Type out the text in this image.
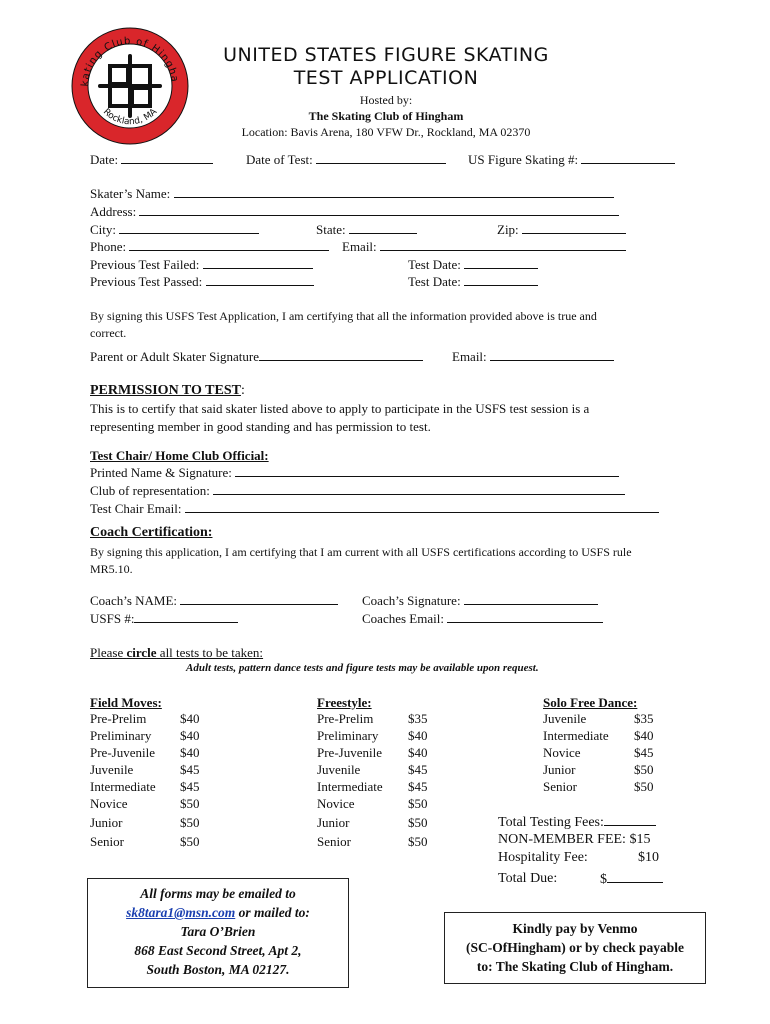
kating Club of Hingha
Rockland, MA
UNITED STATES FIGURE SKATING
TEST APPLICATION
Hosted by:
The Skating Club of Hingham
Location: Bavis Arena, 180 VFW Dr., Rockland, MA 02370
Date:	Date of Test:	US Figure Skating #:
Skater’s Name:
Address:
City:	State:	Zip:
Phone:	Email:
Previous Test Failed:	Test Date:
Previous Test Passed:	Test Date:
By signing this USFS Test Application, I am certifying that all the information provided above is true and
correct.
Parent or Adult Skater Signature	Email:
PERMISSION TO TEST:
This is to certify that said skater listed above to apply to participate in the USFS test session is a
representing member in good standing and has permission to test.
Test Chair/ Home Club Official:
Printed Name & Signature:
Club of representation:
Test Chair Email:
Coach Certification:
By signing this application, I am certifying that I am current with all USFS certifications according to USFS rule
MR5.10.
Coach’s NAME:	Coach’s Signature:
USFS #:	Coaches Email:
Please circle all tests to be taken:
Adult tests, pattern dance tests and figure tests may be available upon request.
Field Moves:
Pre-Prelim	$40
Preliminary $40
Pre-Juvenile $40
Juvenile	$45
Intermediate $45
Novice	$50
Junior	$50
Senior	$50
Freestyle:
Pre-Prelim	$35
Preliminary $40
Pre-Juvenile $40
Juvenile	$45
Intermediate $45
Novice	$50
Junior	$50
Senior	$50
Solo Free Dance:
Juvenile	$35
Intermediate $40
Novice	$45
Junior	$50
Senior	$50
Total Testing Fees:
NON-MEMBER FEE: $15
Hospitality Fee:	$10
Total Due:	$
All forms may be emailed to
sk8tara1@msn.com or mailed to:
Tara O’Brien
868 East Second Street, Apt 2,
South Boston, MA 02127.
Kindly pay by Venmo
(SC-OfHingham) or by check payable
to: The Skating Club of Hingham.
